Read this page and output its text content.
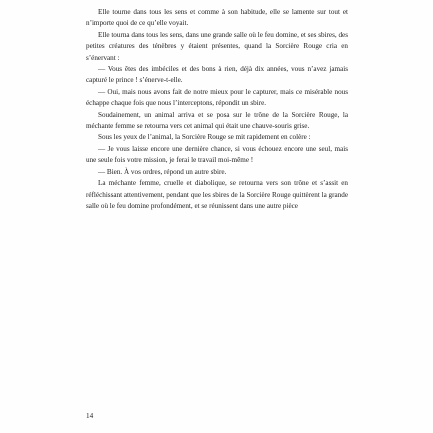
Elle tourne dans tous les sens et comme à son habitude, elle se lamente sur tout et n’importe quoi de ce qu’elle voyait.

Elle tourna dans tous les sens, dans une grande salle où le feu domine, et ses sbires, des petites créatures des ténèbres y étaient présentes, quand la Sorcière Rouge cria en s’énervant :

— Vous êtes des imbéciles et des bons à rien, déjà dix années, vous n’avez jamais capturé le prince ! s’énerve-t-elle.

— Oui, mais nous avons fait de notre mieux pour le capturer, mais ce misérable nous échappe chaque fois que nous l’interceptons, répondit un sbire.

Soudainement, un animal arriva et se posa sur le trône de la Sorcière Rouge, la méchante femme se retourna vers cet animal qui était une chauve-souris grise.

Sous les yeux de l’animal, la Sorcière Rouge se mit rapidement en colère :

— Je vous laisse encore une dernière chance, si vous échouez encore une seul, mais une seule fois votre mission, je ferai le travail moi-même !

— Bien. À vos ordres, répond un autre sbire.

La méchante femme, cruelle et diabolique, se retourna vers son trône et s’assit en réfléchissant attentivement, pendant que les sbires de la Sorcière Rouge quittèrent la grande salle où le feu domine profondément, et se réunissent dans une autre pièce

14
